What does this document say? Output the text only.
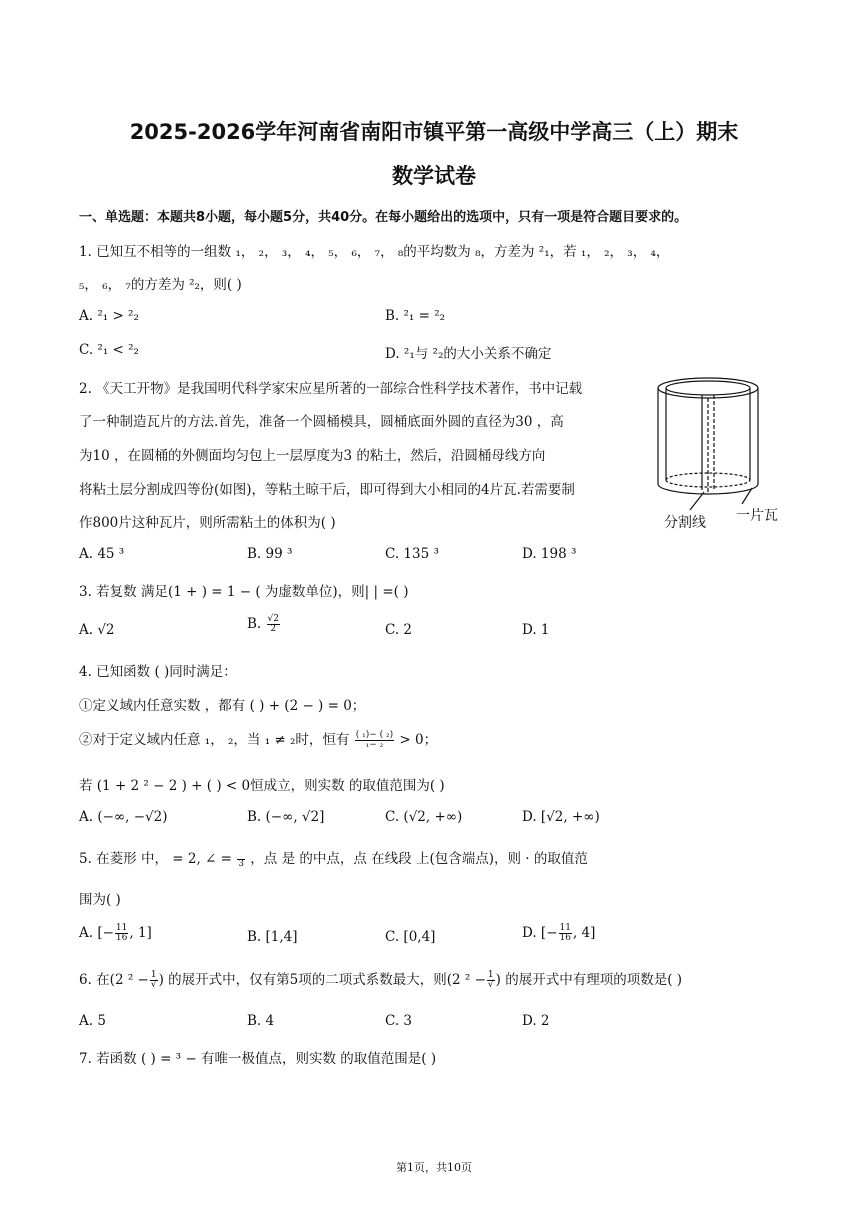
2025-2026学年河南省南阳市镇平第一高级中学高三（上）期末
数学试卷
一、单选题：本题共8小题，每小题5分，共40分。在每小题给出的选项中，只有一项是符合题目要求的。
1. 已知互不相等的一组数 ₁， ₂， ₃， ₄， ₅， ₆， ₇， ₈的平均数为 ₈，方差为 ²₁，若 ₁， ₂， ₃， ₄，
₅， ₆， ₇的方差为 ²₂，则( )
A. ²₁ > ²₂	B. ²₁ = ²₂
C. ²₁ < ²₂	D. ²₁与 ²₂的大小关系不确定
2. 《天工开物》是我国明代科学家宋应星所著的一部综合性科学技术著作，书中记载
了一种制造瓦片的方法.首先，准备一个圆桶模具，圆桶底面外圆的直径为30 ，高
为10 ，在圆桶的外侧面均匀包上一层厚度为3 的粘土，然后，沿圆桶母线方向
将粘土层分割成四等份(如图)，等粘土晾干后，即可得到大小相同的4片瓦.若需要制
作800片这种瓦片，则所需粘土的体积为( )
A. 45 ³	B. 99 ³	C. 135 ³	D. 198 ³
分割线 一片瓦
3. 若复数 满足(1 + ) = 1 − ( 为虚数单位)，则| | =( )
A. √2	B. $\frac{√2}{2}$	C. 2	D. 1
4. 已知函数 ( )同时满足：
①定义域内任意实数 ，都有 ( ) + (2 − ) = 0；
②对于定义域内任意 ₁， ₂，当 ₁ ≠ ₂时，恒有 $\frac{\text{( ₁)− ( ₂)}}{\text{₁− ₂}} > 0$；
若 (1 + 2 ² − 2 ) + ( ) < 0恒成立，则实数 的取值范围为( )
A. (−∞, −√2)	B. (−∞, √2]	C. (√2, +∞)	D. [√2, +∞)
5. 在菱形 中， = 2, ∠ =
3 ，点 是 的中点，点 在线段 上(包含端点)，则 · 的取值范
围为( )
A. [− $\frac{11}{16}$ , 1]	B. [1,4]	C. [0,4]	D. [− $\frac{11}{16}$ , 4]
6. 在(2 $^2 - \frac{1}{√}$ ) 的展开式中，仅有第5项的二项式系数最大，则(2 $^2 - \frac{1}{√}$ ) 的展开式中有理项的项数是( )
A. 5	B. 4	C. 3	D. 2
7. 若函数 ( ) = ³ − 有唯一极值点，则实数 的取值范围是( )
第1页，共10页
